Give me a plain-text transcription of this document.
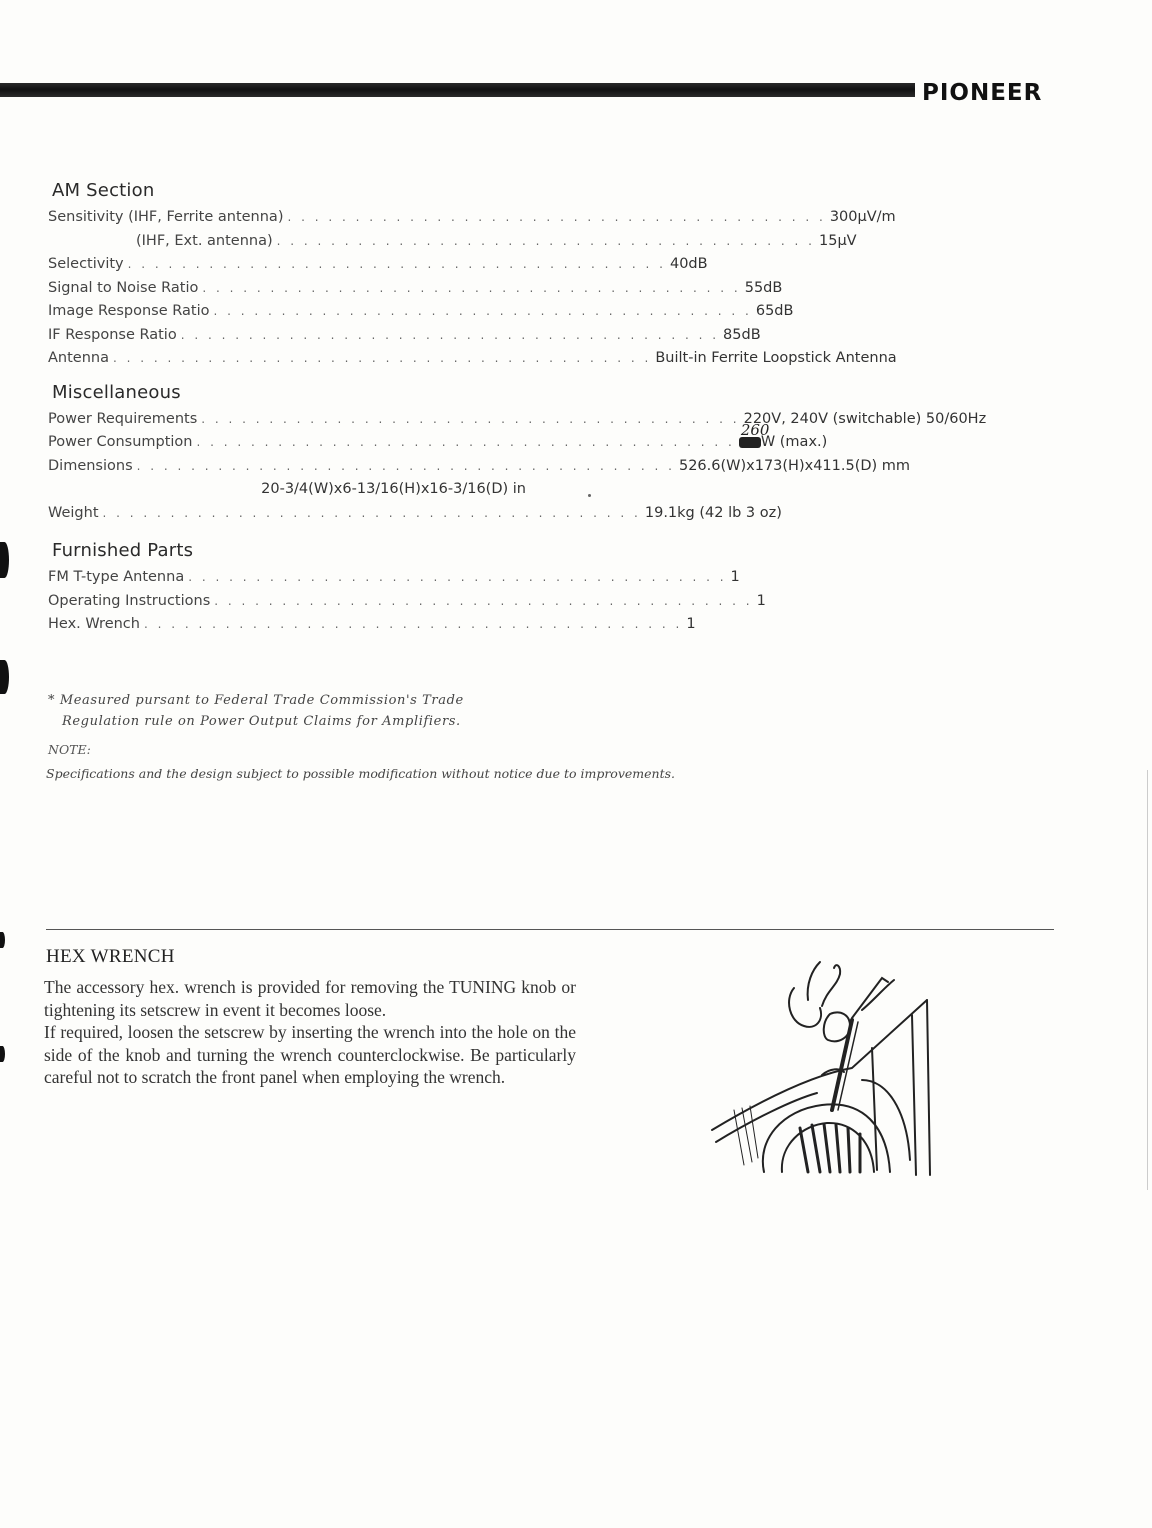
PIONEER
AM Section
Sensitivity (IHF, Ferrite antenna) . . . . . . . . . . . . . . . . . . . . . . . . . . . . . . . . . . . . . . . . 300μV/m
(IHF, Ext. antenna) . . . . . . . . . . . . . . . . . . . . . . . . . . . . . . . . . . . . . . . . 15μV
Selectivity . . . . . . . . . . . . . . . . . . . . . . . . . . . . . . . . . . . . . . . . 40dB
Signal to Noise Ratio . . . . . . . . . . . . . . . . . . . . . . . . . . . . . . . . . . . . . . . . 55dB
Image Response Ratio . . . . . . . . . . . . . . . . . . . . . . . . . . . . . . . . . . . . . . . . 65dB
IF Response Ratio . . . . . . . . . . . . . . . . . . . . . . . . . . . . . . . . . . . . . . . . 85dB
Antenna . . . . . . . . . . . . . . . . . . . . . . . . . . . . . . . . . . . . . . . . Built-in Ferrite Loopstick Antenna
Miscellaneous
Power Requirements . . . . . . . . . . . . . . . . . . . . . . . . . . . . . . . . . . . . . . . . 220V, 240V (switchable) 50/60Hz
Power Consumption . . . . . . . . . . . . . . . . . . . . . . . . . . . . . . . . . . . . . . . .
260
W (max.)
Dimensions . . . . . . . . . . . . . . . . . . . . . . . . . . . . . . . . . . . . . . . . 526.6(W)x173(H)x411.5(D) mm
20-3/4(W)x6-13/16(H)x16-3/16(D) in
Weight . . . . . . . . . . . . . . . . . . . . . . . . . . . . . . . . . . . . . . . . 19.1kg (42 lb 3 oz)
Furnished Parts
FM T-type Antenna . . . . . . . . . . . . . . . . . . . . . . . . . . . . . . . . . . . . . . . . 1
Operating Instructions . . . . . . . . . . . . . . . . . . . . . . . . . . . . . . . . . . . . . . . . 1
Hex. Wrench . . . . . . . . . . . . . . . . . . . . . . . . . . . . . . . . . . . . . . . . 1
* Measured pursant to Federal Trade Commission's Trade
Regulation rule on Power Output Claims for Amplifiers.
NOTE:
Specifications and the design subject to possible modification without notice due to improvements.
HEX WRENCH

The accessory hex. wrench is provided for removing the TUNING knob or tightening its setscrew in event it becomes loose.

If required, loosen the setscrew by inserting the wrench into the hole on the side of the knob and turning the wrench counterclockwise. Be particularly careful not to scratch the front panel when employing the wrench.
